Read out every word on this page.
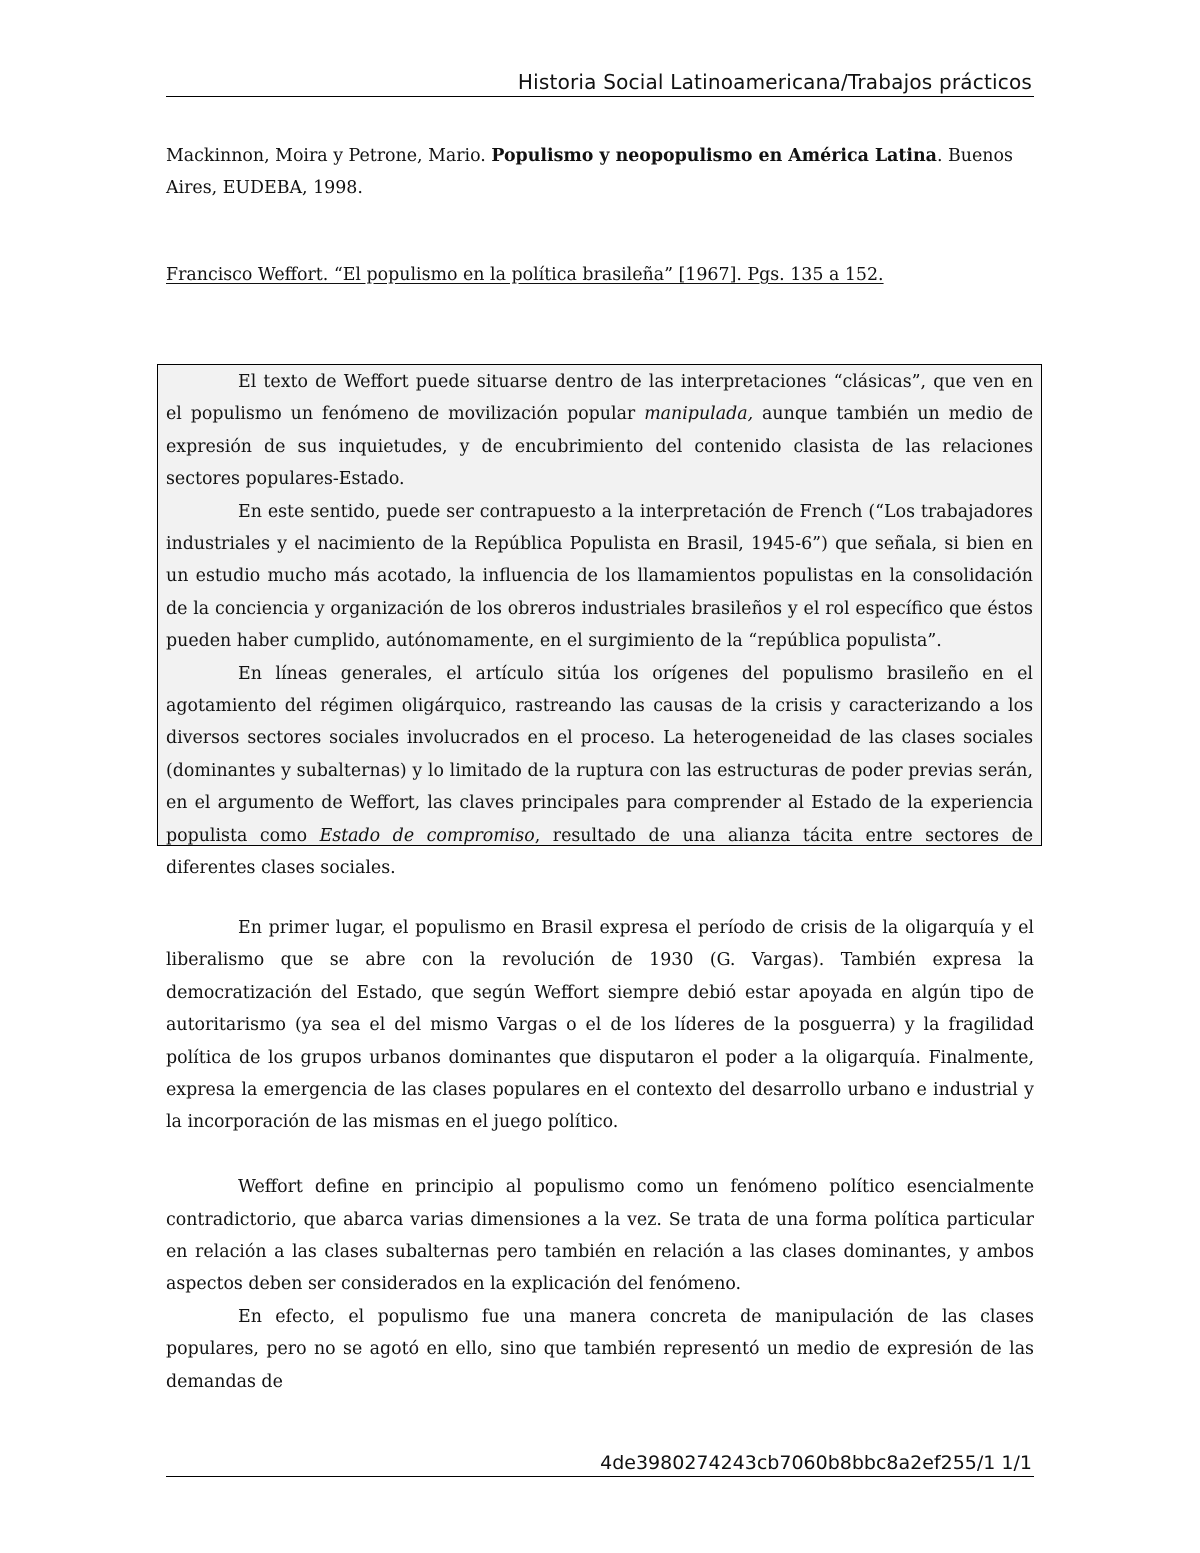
Historia Social Latinoamericana/Trabajos prácticos

Mackinnon, Moira y Petrone, Mario. Populismo y neopopulismo en América Latina. Buenos Aires, EUDEBA, 1998.

Francisco Weffort. “El populismo en la política brasileña” [1967]. Pgs. 135 a 152.

El texto de Weffort puede situarse dentro de las interpretaciones “clásicas”, que ven en el populismo un fenómeno de movilización popular manipulada, aunque también un medio de expresión de sus inquietudes, y de encubrimiento del contenido clasista de las relaciones sectores populares-Estado.

En este sentido, puede ser contrapuesto a la interpretación de French (“Los trabajadores industriales y el nacimiento de la República Populista en Brasil, 1945-6”) que señala, si bien en un estudio mucho más acotado, la influencia de los llamamientos populistas en la consolidación de la conciencia y organización de los obreros industriales brasileños y el rol específico que éstos pueden haber cumplido, autónomamente, en el surgimiento de la “república populista”.

En líneas generales, el artículo sitúa los orígenes del populismo brasileño en el agotamiento del régimen oligárquico, rastreando las causas de la crisis y caracterizando a los diversos sectores sociales involucrados en el proceso. La heterogeneidad de las clases sociales (dominantes y subalternas) y lo limitado de la ruptura con las estructuras de poder previas serán, en el argumento de Weffort, las claves principales para comprender al Estado de la experiencia populista como Estado de compromiso, resultado de una alianza tácita entre sectores de diferentes clases sociales.

En primer lugar, el populismo en Brasil expresa el período de crisis de la oligarquía y el liberalismo que se abre con la revolución de 1930 (G. Vargas). También expresa la democratización del Estado, que según Weffort siempre debió estar apoyada en algún tipo de autoritarismo (ya sea el del mismo Vargas o el de los líderes de la posguerra) y la fragilidad política de los grupos urbanos dominantes que disputaron el poder a la oligarquía. Finalmente, expresa la emergencia de las clases populares en el contexto del desarrollo urbano e industrial y la incorporación de las mismas en el juego político.

Weffort define en principio al populismo como un fenómeno político esencialmente contradictorio, que abarca varias dimensiones a la vez. Se trata de una forma política particular en relación a las clases subalternas pero también en relación a las clases dominantes, y ambos aspectos deben ser considerados en la explicación del fenómeno.

En efecto, el populismo fue una manera concreta de manipulación de las clases populares, pero no se agotó en ello, sino que también representó un medio de expresión de las demandas de

4de3980274243cb7060b8bbc8a2ef255/1 1/1
